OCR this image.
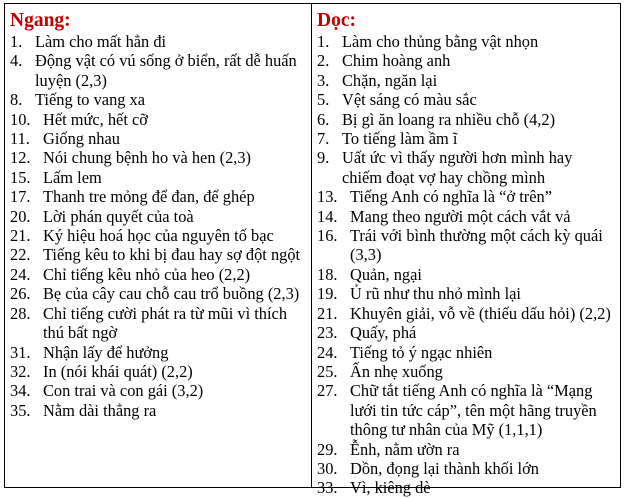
Ngang:
1. Làm cho mất hẳn đi
4. Động vật có vú sống ở biển, rất dễ huấn luyện (2,3)
8. Tiếng to vang xa
10. Hết mức, hết cỡ
11. Giống nhau
12. Nói chung bệnh ho và hen (2,3)
15. Lấm lem
17. Thanh tre mỏng để đan, để ghép
20. Lời phán quyết của toà
21. Ký hiệu hoá học của nguyên tố bạc
22. Tiếng kêu to khi bị đau hay sợ đột ngột
24. Chỉ tiếng kêu nhỏ của heo (2,2)
26. Bẹ của cây cau chỗ cau trổ buồng (2,3)
28. Chỉ tiếng cười phát ra từ mũi vì thích thú bất ngờ
31. Nhận lấy để hưởng
32. In (nói khái quát) (2,2)
34. Con trai và con gái (3,2)
35. Nằm dài thẳng ra
Dọc:
1. Làm cho thủng bằng vật nhọn
2. Chim hoàng anh
3. Chặn, ngăn lại
5. Vệt sáng có màu sắc
6. Bị gì ăn loang ra nhiều chỗ (4,2)
7. To tiếng làm ầm ĩ
9. Uất ức vì thấy người hơn mình hay chiếm đoạt vợ hay chồng mình
13. Tiếng Anh có nghĩa là “ở trên”
14. Mang theo người một cách vắt vả
16. Trái với bình thường một cách kỳ quái (3,3)
18. Quản, ngại
19. Ủ rũ như thu nhỏ mình lại
21. Khuyên giải, vỗ về (thiếu dấu hỏi) (2,2)
23. Quấy, phá
24. Tiếng tỏ ý ngạc nhiên
25. Ấn nhẹ xuống
27. Chữ tắt tiếng Anh có nghĩa là “Mạng lưới tin tức cáp”, tên một hãng truyền thông tư nhân của Mỹ (1,1,1)
29. Ễnh, nằm ườn ra
30. Dồn, đọng lại thành khối lớn
33. Vì, kiêng dè
